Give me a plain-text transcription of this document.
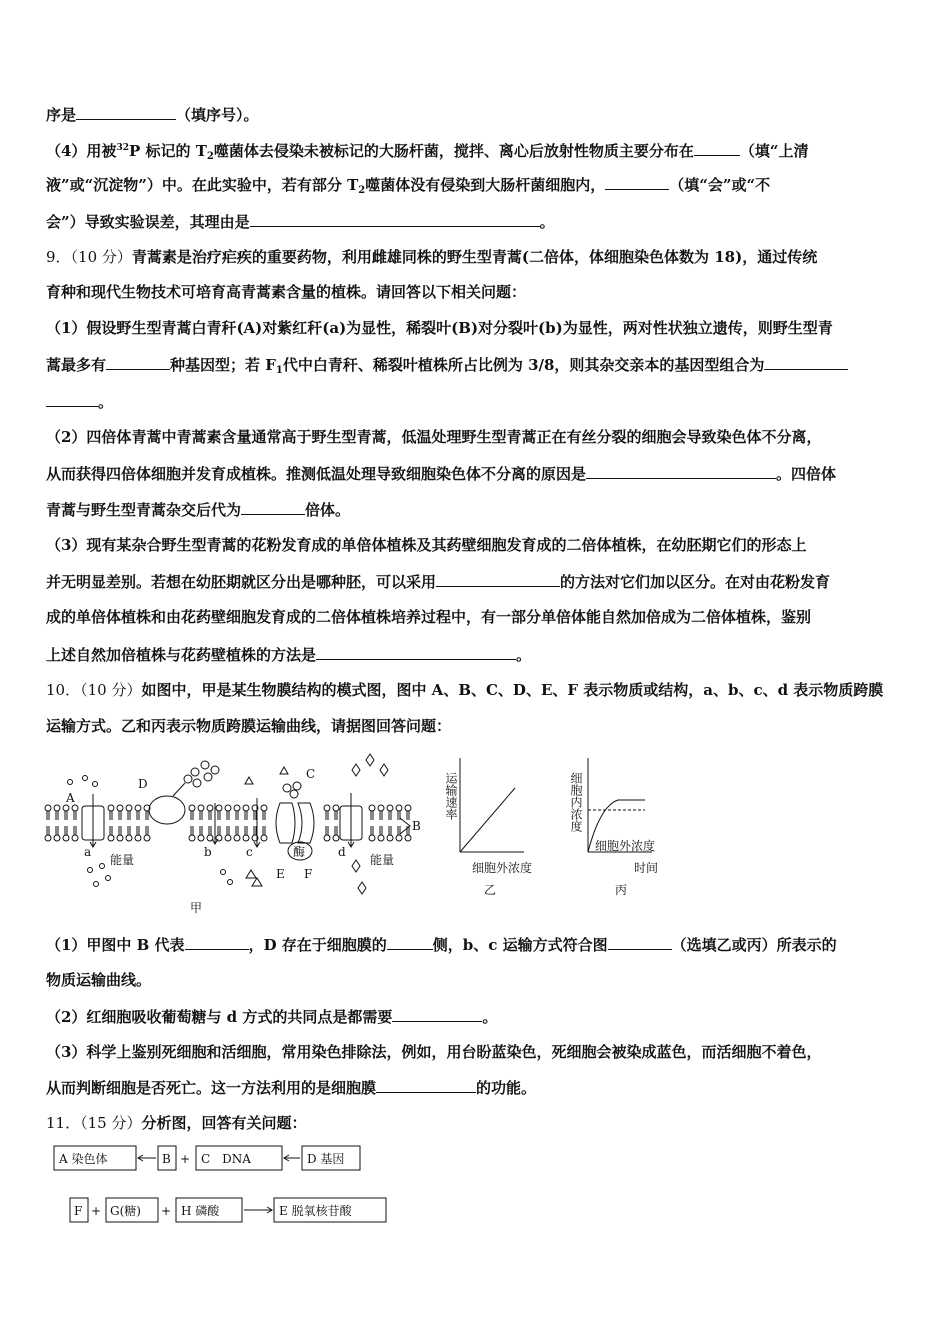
序是	（填序号）。
（4）用被$^{32}$P 标记的 $T_2$噬菌体去侵染未被标记的大肠杆菌，搅拌、离心后放射性物质主要分布在	（填“上清
液”或“沉淀物”）中。在此实验中，若有部分 $T_2$噬菌体没有侵染到大肠杆菌细胞内，	（填“会”或“不
会”）导致实验误差，其理由是	。
9．（10 分）青蒿素是治疗疟疾的重要药物，利用雌雄同株的野生型青蒿(二倍体，体细胞染色体数为 18)，通过传统
育种和现代生物技术可培育高青蒿素含量的植株。请回答以下相关问题：
（1）假设野生型青蒿白青秆(A)对紫红秆(a)为显性，稀裂叶(B)对分裂叶(b)为显性，两对性状独立遗传，则野生型青
蒿最多有	种基因型；若 $F_1$代中白青秆、稀裂叶植株所占比例为 3/8，则其杂交亲本的基因型组合为
。
（2）四倍体青蒿中青蒿素含量通常高于野生型青蒿，低温处理野生型青蒿正在有丝分裂的细胞会导致染色体不分离，
从而获得四倍体细胞并发育成植株。推测低温处理导致细胞染色体不分离的原因是	。四倍体
青蒿与野生型青蒿杂交后代为	倍体。
（3）现有某杂合野生型青蒿的花粉发育成的单倍体植株及其药壁细胞发育成的二倍体植株，在幼胚期它们的形态上
并无明显差别。若想在幼胚期就区分出是哪种胚，可以采用	的方法对它们加以区分。在对由花粉发育
成的单倍体植株和由花药壁细胞发育成的二倍体植株培养过程中，有一部分单倍体能自然加倍成为二倍体植株，鉴别
上述自然加倍植株与花药壁植株的方法是	。
10．（10 分）如图中，甲是某生物膜结构的模式图，图中 A、B、C、D、E、F 表示物质或结构，a、b、c、d 表示物质跨膜
运输方式。乙和丙表示物质跨膜运输曲线，请据图回答问题：
A
D
C
B
a	b	c	d
能量	能量
酶
E F
甲
运输速率
细胞外浓度
乙
细胞内浓度
细胞外浓度
时间
丙
（1）甲图中 B 代表	，D 存在于细胞膜的	侧，b、c 运输方式符合图	（选填乙或丙）所表示的
物质运输曲线。
（2）红细胞吸收葡萄糖与 d 方式的共同点是都需要	。
（3）科学上鉴别死细胞和活细胞，常用染色排除法，例如，用台盼蓝染色，死细胞会被染成蓝色，而活细胞不着色，
从而判断细胞是否死亡。这一方法利用的是细胞膜	的功能。
11．（15 分）分析图，回答有关问题：
A 染色体	B + C　DNA	D 基因
F + G(糖) + H 磷酸	E 脱氧核苷酸
